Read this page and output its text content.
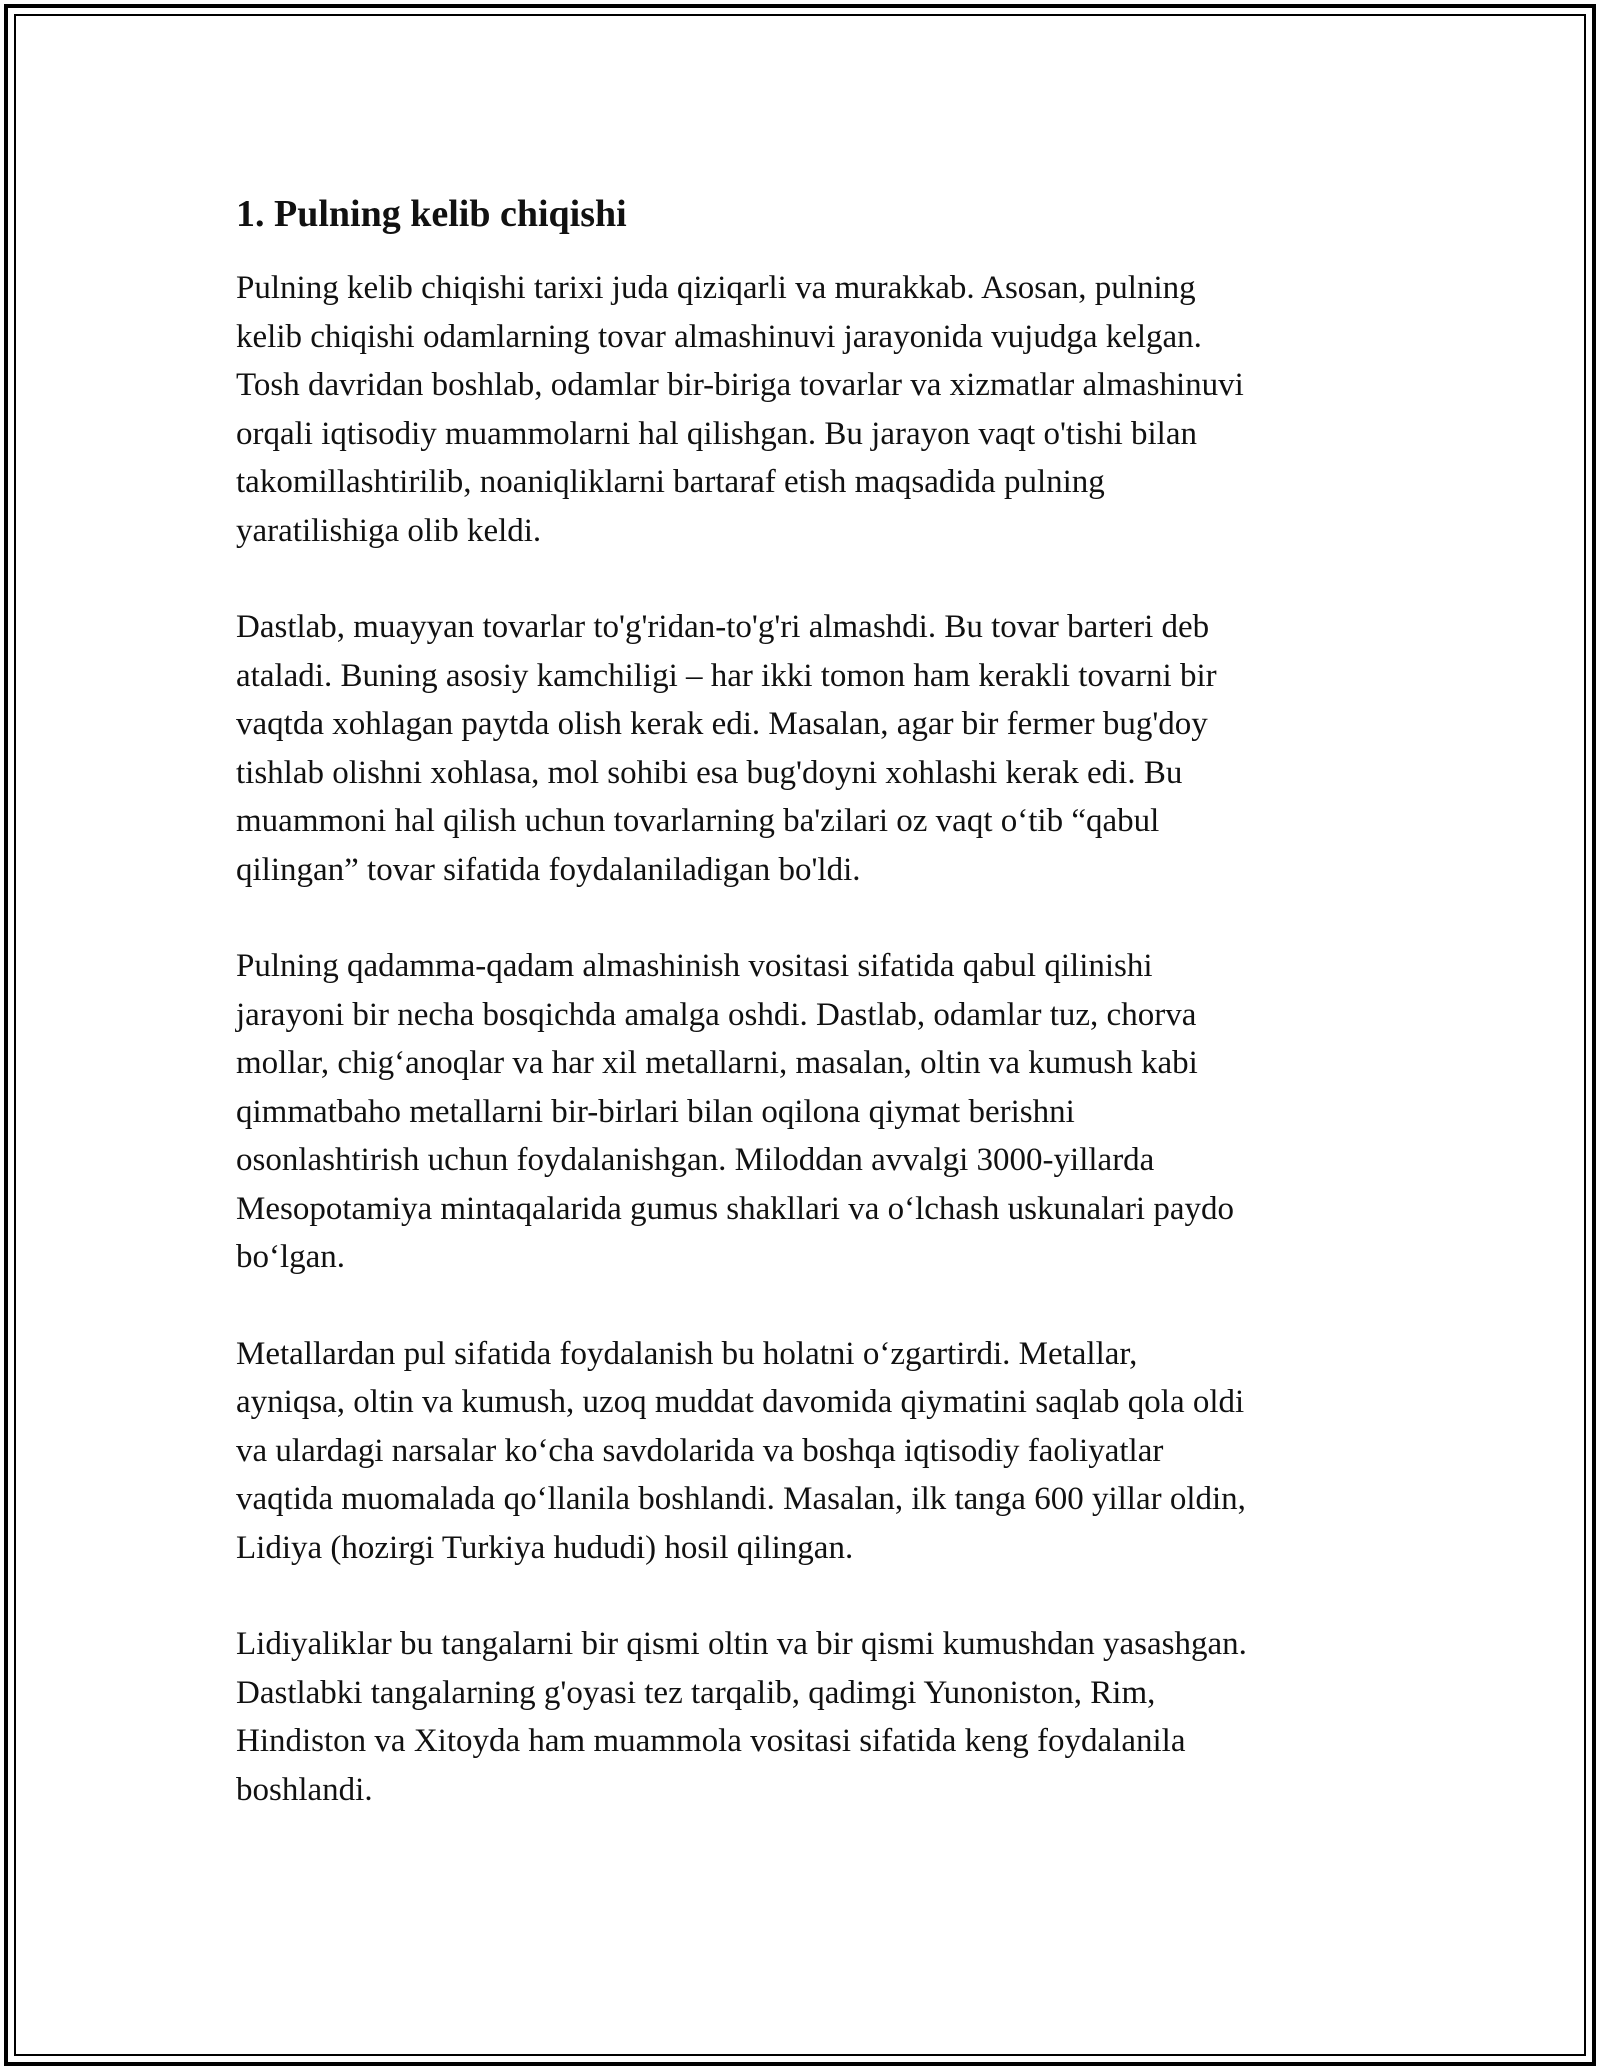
1. Pulning kelib chiqishi
Pulning kelib chiqishi tarixi juda qiziqarli va murakkab. Asosan, pulning
kelib chiqishi odamlarning tovar almashinuvi jarayonida vujudga kelgan.
Tosh davridan boshlab, odamlar bir-biriga tovarlar va xizmatlar almashinuvi
orqali iqtisodiy muammolarni hal qilishgan. Bu jarayon vaqt o'tishi bilan
takomillashtirilib, noaniqliklarni bartaraf etish maqsadida pulning
yaratilishiga olib keldi.
Dastlab, muayyan tovarlar to'g'ridan-to'g'ri almashdi. Bu tovar barteri deb
ataladi. Buning asosiy kamchiligi – har ikki tomon ham kerakli tovarni bir
vaqtda xohlagan paytda olish kerak edi. Masalan, agar bir fermer bug'doy
tishlab olishni xohlasa, mol sohibi esa bug'doyni xohlashi kerak edi. Bu
muammoni hal qilish uchun tovarlarning ba'zilari oz vaqt o‘tib “qabul
qilingan” tovar sifatida foydalaniladigan bo'ldi.
Pulning qadamma-qadam almashinish vositasi sifatida qabul qilinishi
jarayoni bir necha bosqichda amalga oshdi. Dastlab, odamlar tuz, chorva
mollar, chig‘anoqlar va har xil metallarni, masalan, oltin va kumush kabi
qimmatbaho metallarni bir-birlari bilan oqilona qiymat berishni
osonlashtirish uchun foydalanishgan. Miloddan avvalgi 3000-yillarda
Mesopotamiya mintaqalarida gumus shakllari va o‘lchash uskunalari paydo
bo‘lgan.
Metallardan pul sifatida foydalanish bu holatni o‘zgartirdi. Metallar,
ayniqsa, oltin va kumush, uzoq muddat davomida qiymatini saqlab qola oldi
va ulardagi narsalar ko‘cha savdolarida va boshqa iqtisodiy faoliyatlar
vaqtida muomalada qo‘llanila boshlandi. Masalan, ilk tanga 600 yillar oldin,
Lidiya (hozirgi Turkiya hududi) hosil qilingan.
Lidiyaliklar bu tangalarni bir qismi oltin va bir qismi kumushdan yasashgan.
Dastlabki tangalarning g'oyasi tez tarqalib, qadimgi Yunoniston, Rim,
Hindiston va Xitoyda ham muammola vositasi sifatida keng foydalanila
boshlandi.
